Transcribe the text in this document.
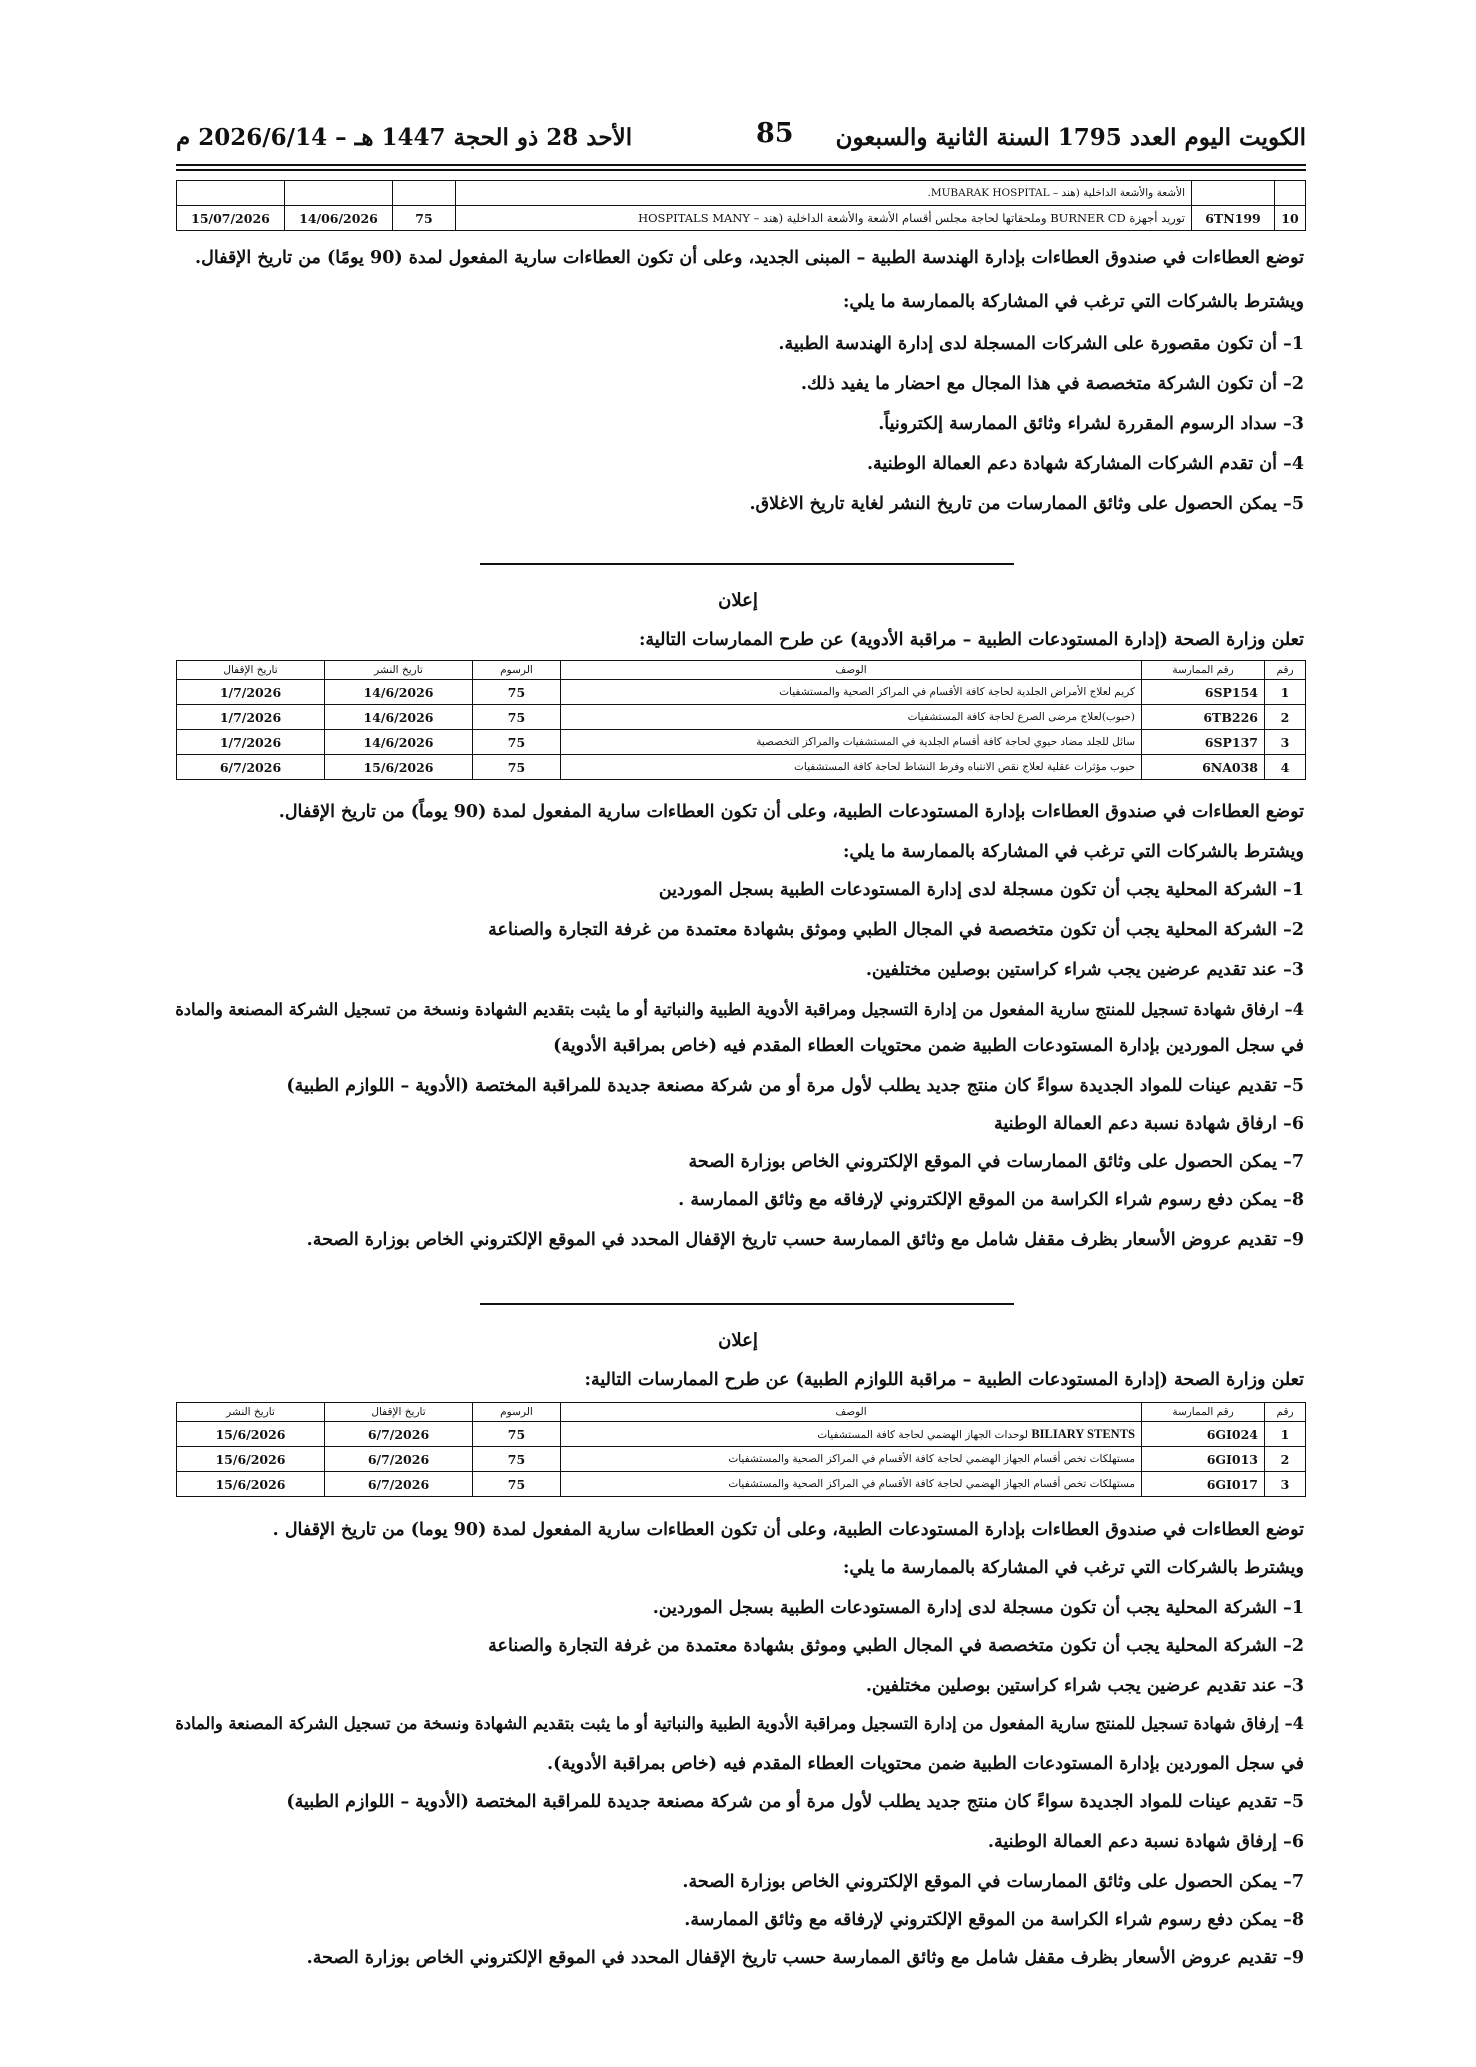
الكويت اليوم العدد 1795 السنة الثانية والسبعون
85
الأحد 28 ذو الحجة 1447 هـ – 2026/6/14 م
		الأشعة والأشعة الداخلية (هند – MUBARAK HOSPITAL.			
10	6TN199	توريد أجهزة BURNER CD وملحقاتها لحاجة مجلس أقسام الأشعة والأشعة الداخلية (هند – HOSPITALS MANY	75	14/06/2026	15/07/2026
توضع العطاءات في صندوق العطاءات بإدارة الهندسة الطبية – المبنى الجديد، وعلى أن تكون العطاءات سارية المفعول لمدة (90 يومًا) من تاريخ الإقفال.
ويشترط بالشركات التي ترغب في المشاركة بالممارسة ما يلي:
1– أن تكون مقصورة على الشركات المسجلة لدى إدارة الهندسة الطبية.
2– أن تكون الشركة متخصصة في هذا المجال مع احضار ما يفيد ذلك.
3– سداد الرسوم المقررة لشراء وثائق الممارسة إلكترونياً.
4– أن تقدم الشركات المشاركة شهادة دعم العمالة الوطنية.
5– يمكن الحصول على وثائق الممارسات من تاريخ النشر لغاية تاريخ الاغلاق.
إعلان
تعلن وزارة الصحة (إدارة المستودعات الطبية – مراقبة الأدوية) عن طرح الممارسات التالية:
رقم	رقم الممارسة	الوصف	الرسوم	تاريخ النشر	تاريخ الإقفال
1	6SP154	كريم لعلاج الأمراض الجلدية لحاجة كافة الأقسام في المراكز الصحية والمستشفيات	75	14/6/2026	1/7/2026
2	6TB226	(حبوب)لعلاج مرضى الصرع لحاجة كافة المستشفيات	75	14/6/2026	1/7/2026
3	6SP137	سائل للجلد مضاد حيوي لحاجة كافة أقسام الجلدية في المستشفيات والمراكز التخصصية	75	14/6/2026	1/7/2026
4	6NA038	حبوب مؤثرات عقلية لعلاج نقص الانتباه وفرط النشاط لحاجة كافة المستشفيات	75	15/6/2026	6/7/2026
توضع العطاءات في صندوق العطاءات بإدارة المستودعات الطبية، وعلى أن تكون العطاءات سارية المفعول لمدة (90 يوماً) من تاريخ الإقفال.
ويشترط بالشركات التي ترغب في المشاركة بالممارسة ما يلي:
1– الشركة المحلية يجب أن تكون مسجلة لدى إدارة المستودعات الطبية بسجل الموردين
2– الشركة المحلية يجب أن تكون متخصصة في المجال الطبي وموثق بشهادة معتمدة من غرفة التجارة والصناعة
3– عند تقديم عرضين يجب شراء كراستين بوصلين مختلفين.
4– ارفاق شهادة تسجيل للمنتج سارية المفعول من إدارة التسجيل ومراقبة الأدوية الطبية والنباتية أو ما يثبت بتقديم الشهادة ونسخة من تسجيل الشركة المصنعة والمادة
في سجل الموردين بإدارة المستودعات الطبية ضمن محتويات العطاء المقدم فيه (خاص بمراقبة الأدوية)
5– تقديم عينات للمواد الجديدة سواءً كان منتج جديد يطلب لأول مرة أو من شركة مصنعة جديدة للمراقبة المختصة (الأدوية – اللوازم الطبية)
6– ارفاق شهادة نسبة دعم العمالة الوطنية
7– يمكن الحصول على وثائق الممارسات في الموقع الإلكتروني الخاص بوزارة الصحة
8– يمكن دفع رسوم شراء الكراسة من الموقع الإلكتروني لإرفاقه مع وثائق الممارسة .
9– تقديم عروض الأسعار بظرف مقفل شامل مع وثائق الممارسة حسب تاريخ الإقفال المحدد في الموقع الإلكتروني الخاص بوزارة الصحة.
إعلان
تعلن وزارة الصحة (إدارة المستودعات الطبية – مراقبة اللوازم الطبية) عن طرح الممارسات التالية:
رقم	رقم الممارسة	الوصف	الرسوم	تاريخ الإقفال	تاريخ النشر
1	6GI024	BILIARY STENTS لوحدات الجهاز الهضمي لحاجة كافة المستشفيات	75	6/7/2026	15/6/2026
2	6GI013	مستهلكات تخص أقسام الجهاز الهضمي لحاجة كافة الأقسام في المراكز الصحية والمستشفيات	75	6/7/2026	15/6/2026
3	6GI017	مستهلكات تخص أقسام الجهاز الهضمي لحاجة كافة الأقسام في المراكز الصحية والمستشفيات	75	6/7/2026	15/6/2026
توضع العطاءات في صندوق العطاءات بإدارة المستودعات الطبية، وعلى أن تكون العطاءات سارية المفعول لمدة (90 يوما) من تاريخ الإقفال .
ويشترط بالشركات التي ترغب في المشاركة بالممارسة ما يلي:
1– الشركة المحلية يجب أن تكون مسجلة لدى إدارة المستودعات الطبية بسجل الموردين.
2– الشركة المحلية يجب أن تكون متخصصة في المجال الطبي وموثق بشهادة معتمدة من غرفة التجارة والصناعة
3– عند تقديم عرضين يجب شراء كراستين بوصلين مختلفين.
4– إرفاق شهادة تسجيل للمنتج سارية المفعول من إدارة التسجيل ومراقبة الأدوية الطبية والنباتية أو ما يثبت بتقديم الشهادة ونسخة من تسجيل الشركة المصنعة والمادة
في سجل الموردين بإدارة المستودعات الطبية ضمن محتويات العطاء المقدم فيه (خاص بمراقبة الأدوية).
5– تقديم عينات للمواد الجديدة سواءً كان منتج جديد يطلب لأول مرة أو من شركة مصنعة جديدة للمراقبة المختصة (الأدوية – اللوازم الطبية)
6– إرفاق شهادة نسبة دعم العمالة الوطنية.
7– يمكن الحصول على وثائق الممارسات في الموقع الإلكتروني الخاص بوزارة الصحة.
8– يمكن دفع رسوم شراء الكراسة من الموقع الإلكتروني لإرفاقه مع وثائق الممارسة.
9– تقديم عروض الأسعار بظرف مقفل شامل مع وثائق الممارسة حسب تاريخ الإقفال المحدد في الموقع الإلكتروني الخاص بوزارة الصحة.
